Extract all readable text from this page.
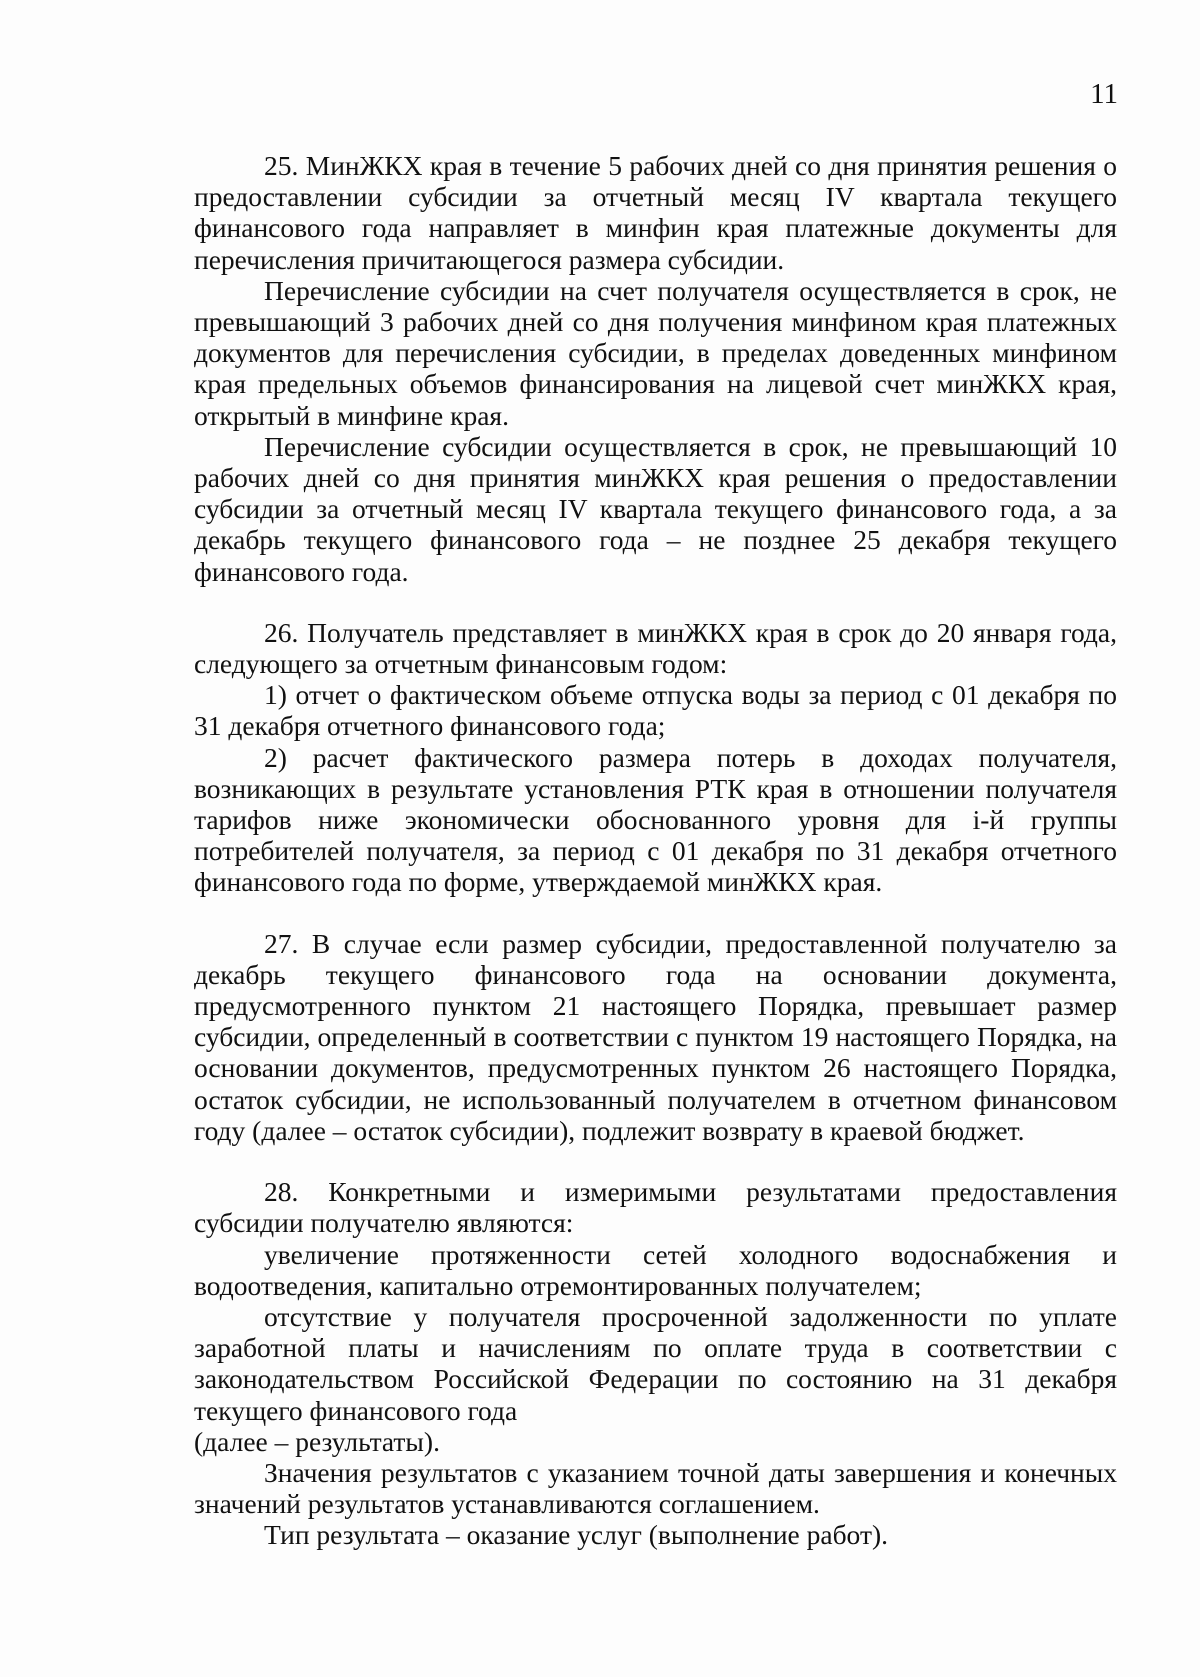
11

25. МинЖКХ края в течение 5 рабочих дней со дня принятия решения о предоставлении субсидии за отчетный месяц IV квартала текущего финансового года направляет в минфин края платежные документы для перечисления причитающегося размера субсидии.

Перечисление субсидии на счет получателя осуществляется в срок, не превышающий 3 рабочих дней со дня получения минфином края платежных документов для перечисления субсидии, в пределах доведенных минфином края предельных объемов финансирования на лицевой счет минЖКХ края, открытый в минфине края.

Перечисление субсидии осуществляется в срок, не превышающий 10 рабочих дней со дня принятия минЖКХ края решения о предоставлении субсидии за отчетный месяц IV квартала текущего финансового года, а за декабрь текущего финансового года – не позднее 25 декабря текущего финансового года.

26. Получатель представляет в минЖКХ края в срок до 20 января года, следующего за отчетным финансовым годом:

1) отчет о фактическом объеме отпуска воды за период с 01 декабря по 31 декабря отчетного финансового года;

2) расчет фактического размера потерь в доходах получателя, возникающих в результате установления РТК края в отношении получателя тарифов ниже экономически обоснованного уровня для i-й группы потребителей получателя, за период с 01 декабря по 31 декабря отчетного финансового года по форме, утверждаемой минЖКХ края.

27. В случае если размер субсидии, предоставленной получателю за декабрь текущего финансового года на основании документа, предусмотренного пунктом 21 настоящего Порядка, превышает размер субсидии, определенный в соответствии с пунктом 19 настоящего Порядка, на основании документов, предусмотренных пунктом 26 настоящего Порядка, остаток субсидии, не использованный получателем в отчетном финансовом году (далее – остаток субсидии), подлежит возврату в краевой бюджет.

28. Конкретными и измеримыми результатами предоставления субсидии получателю являются:

увеличение протяженности сетей холодного водоснабжения и водоотведения, капитально отремонтированных получателем;

отсутствие у получателя просроченной задолженности по уплате заработной платы и начислениям по оплате труда в соответствии с законодательством Российской Федерации по состоянию на 31 декабря текущего финансового года

(далее – результаты).

Значения результатов с указанием точной даты завершения и конечных значений результатов устанавливаются соглашением.

Тип результата – оказание услуг (выполнение работ).
